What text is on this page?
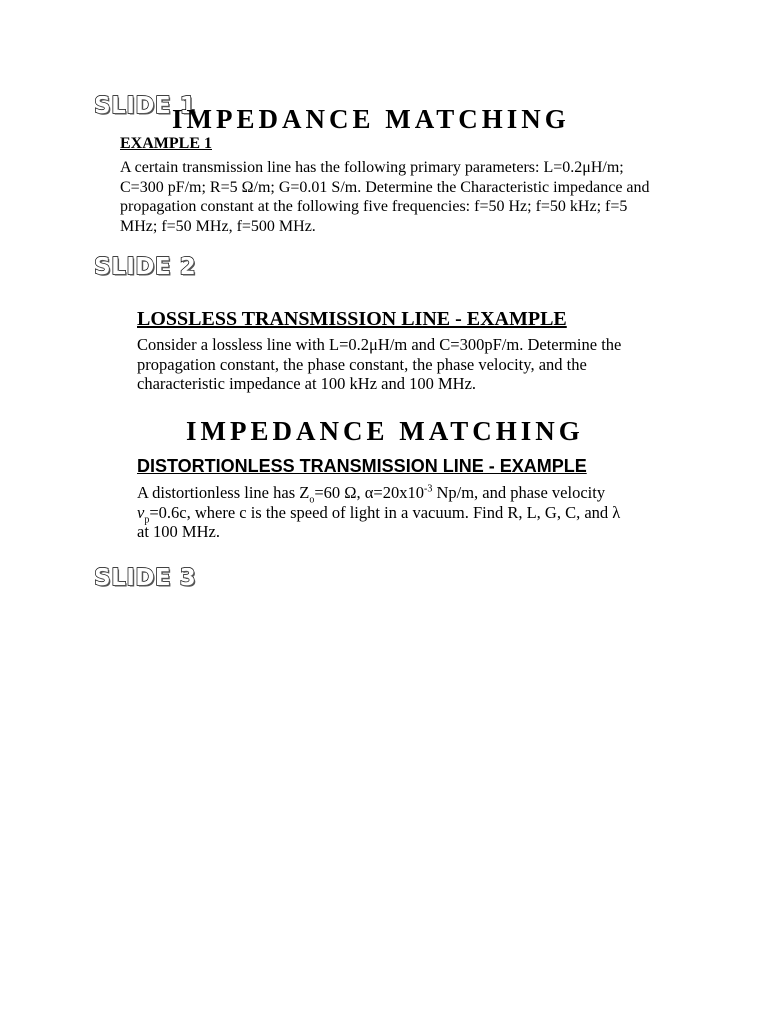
SLIDE 1
IMPEDANCE MATCHING
EXAMPLE 1

A certain transmission line has the following primary parameters: L=0.2μH/m;

C=300 pF/m; R=5 Ω/m; G=0.01 S/m. Determine the Characteristic impedance and

propagation constant at the following five frequencies: f=50 Hz; f=50 kHz; f=5

MHz; f=50 MHz, f=500 MHz.

SLIDE 2
LOSSLESS TRANSMISSION LINE - EXAMPLE

Consider a lossless line with L=0.2μH/m and C=300pF/m. Determine the

propagation constant, the phase constant, the phase velocity, and the

characteristic impedance at 100 kHz and 100 MHz.

IMPEDANCE MATCHING
DISTORTIONLESS TRANSMISSION LINE - EXAMPLE

A distortionless line has $Z_o=60$ Ω, $\alpha=20x10^{-3}$ Np/m, and phase velocity

$v_p=0.6c$, where c is the speed of light in a vacuum. Find R, L, G, C, and λ

at 100 MHz.

SLIDE 3
